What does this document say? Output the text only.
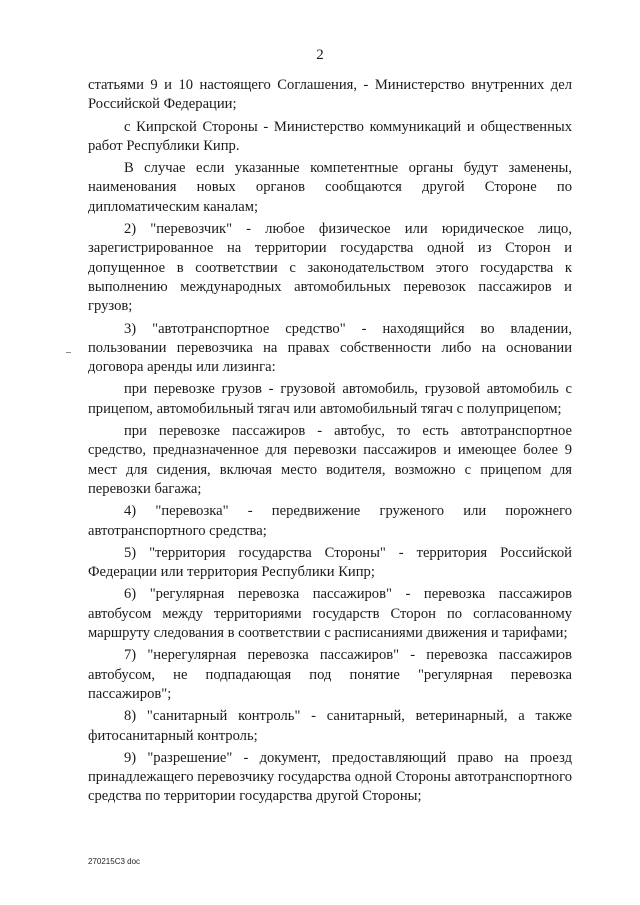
2

статьями 9 и 10 настоящего Соглашения, - Министерство внутренних дел Российской Федерации;

с Кипрской Стороны - Министерство коммуникаций и общественных работ Республики Кипр.

В случае если указанные компетентные органы будут заменены, наименования новых органов сообщаются другой Стороне по дипломатическим каналам;

2) "перевозчик" - любое физическое или юридическое лицо, зарегистрированное на территории государства одной из Сторон и допущенное в соответствии с законодательством этого государства к выполнению международных автомобильных перевозок пассажиров и грузов;

3) "автотранспортное средство" - находящийся во владении, пользовании перевозчика на правах собственности либо на основании договора аренды или лизинга:

при перевозке грузов - грузовой автомобиль, грузовой автомобиль с прицепом, автомобильный тягач или автомобильный тягач с полуприцепом;

при перевозке пассажиров - автобус, то есть автотранспортное средство, предназначенное для перевозки пассажиров и имеющее более 9 мест для сидения, включая место водителя, возможно с прицепом для перевозки багажа;

4) "перевозка" - передвижение груженого или порожнего автотранспортного средства;

5) "территория государства Стороны" - территория Российской Федерации или территория Республики Кипр;

6) "регулярная перевозка пассажиров" - перевозка пассажиров автобусом между территориями государств Сторон по согласованному маршруту следования в соответствии с расписаниями движения и тарифами;

7) "нерегулярная перевозка пассажиров" - перевозка пассажиров автобусом, не подпадающая под понятие "регулярная перевозка пассажиров";

8) "санитарный контроль" - санитарный, ветеринарный, а также фитосанитарный контроль;

9) "разрешение" - документ, предоставляющий право на проезд принадлежащего перевозчику государства одной Стороны автотранспортного средства по территории государства другой Стороны;

270215C3 doc
